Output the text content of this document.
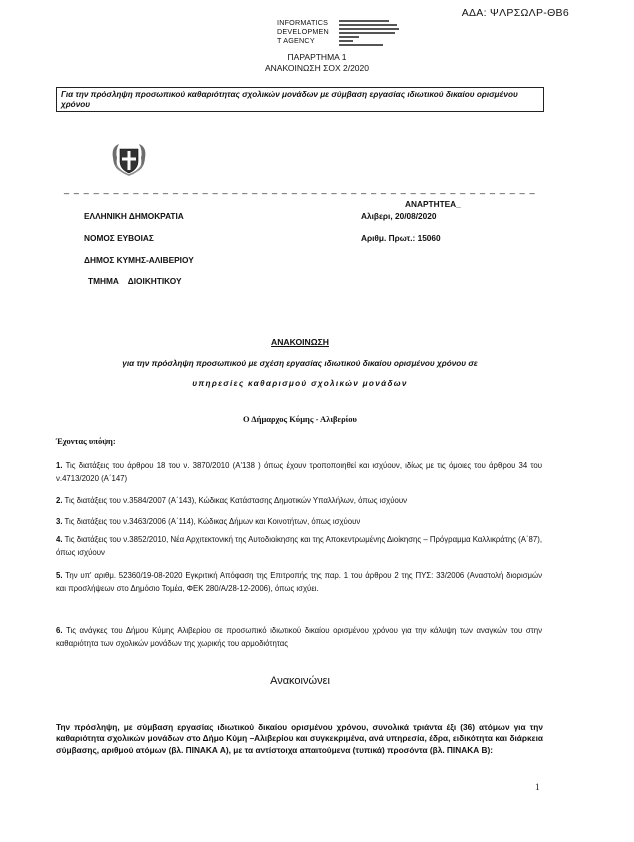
ΑΔΑ: ΨΛΡΣΩΛΡ-ΘΒ6
INFORMATICS
DEVELOPMEN
T AGENCY
ΠΑΡΑΡΤΗΜΑ 1
ΑΝΑΚΟΙΝΩΣΗ ΣΟΧ 2/2020
Για την πρόσληψη προσωπικού καθαριότητας σχολικών μονάδων με σύμβαση εργασίας ιδιωτικού δικαίου ορισμένου χρόνου
_ _ _ _ _ _ _ _ _ _ _ _ _ _ _ _ _ _ _ _ _ _ _ _ _ _ _ _ _ _ _ _ _ _ _ _ _ _ _ _ _ _ _ _ _ _ _ _
ΑΝΑΡΤΗΤΕΑ_
ΕΛΛΗΝΙΚΗ ΔΗΜΟΚΡΑΤΙΑ	Αλιβερι, 20/08/2020
ΝΟΜΟΣ ΕΥΒΟΙΑΣ	Αριθμ. Πρωτ.: 15060
ΔΗΜΟΣ ΚΥΜΗΣ-ΑΛΙΒΕΡΙΟΥ
ΤΜΗΜΑ    ΔΙΟΙΚΗΤΙΚΟΥ
ΑΝΑΚΟΙΝΩΣΗ
για την πρόσληψη προσωπικού με σχέση εργασίας ιδιωτικού δικαίου ορισμένου χρόνου σε
υπηρεσίες καθαρισμού σχολικών μονάδων
Ο Δήμαρχος Κύμης - Αλιβερίου
Έχοντας υπόψη:
1. Τις διατάξεις του άρθρου 18 του ν. 3870/2010 (Α'138 ) όπως έχουν τροποποιηθεί και ισχύουν, ιδίως με τις όμοιες του άρθρου 34 του ν.4713/2020 (Α΄147)
2. Τις διατάξεις του ν.3584/2007 (Α΄143), Κώδικας Κατάστασης Δημοτικών Υπαλλήλων, όπως ισχύουν
3. Τις διατάξεις του ν.3463/2006 (Α΄114), Κώδικας Δήμων και Κοινοτήτων, όπως ισχύουν
4. Τις διατάξεις του ν.3852/2010, Νέα Αρχιτεκτονική της Αυτοδιοίκησης και της Αποκεντρωμένης Διοίκησης – Πρόγραμμα Καλλικράτης (Α΄87), όπως ισχύουν
5. Την υπ' αριθμ. 52360/19-08-2020 Εγκριτική Απόφαση της Επιτροπής της παρ. 1 του άρθρου 2 της ΠΥΣ: 33/2006 (Αναστολή διορισμών και προσλήψεων στο Δημόσιο Τομέα, ΦΕΚ 280/Α/28-12-2006), όπως ισχύει.
6. Τις ανάγκες του Δήμου Κύμης Αλιβερίου σε προσωπικό ιδιωτικού δικαίου ορισμένου χρόνου για την κάλυψη των αναγκών του στην καθαριότητα των σχολικών μονάδων της χωρικής του αρμοδιότητας
Ανακοινώνει
Την πρόσληψη, με σύμβαση εργασίας ιδιωτικού δικαίου ορισμένου χρόνου, συνολικά τριάντα έξι (36) ατόμων για την καθαριότητα σχολικών μονάδων στο Δήμο Κύμη –Αλιβερίου και συγκεκριμένα, ανά υπηρεσία, έδρα, ειδικότητα και διάρκεια σύμβασης, αριθμού ατόμων (βλ. ΠΙΝΑΚΑ Α), με τα αντίστοιχα απαιτούμενα (τυπικά) προσόντα (βλ. ΠΙΝΑΚΑ Β):
1
